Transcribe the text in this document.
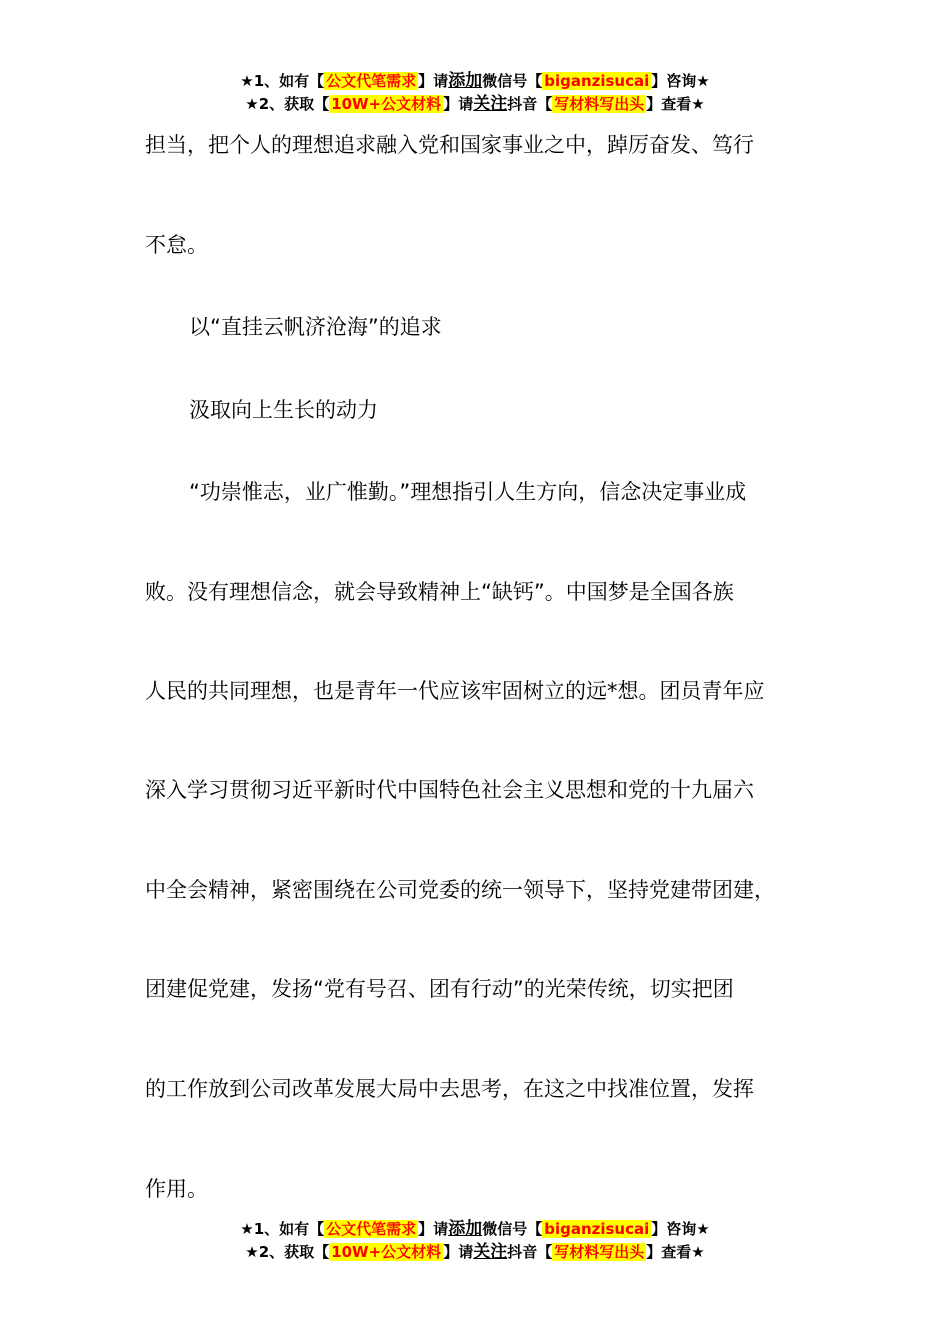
★1、如有【 公文代笔需求 】请添加微信号【 biganzisucai 】咨询★
★2、获取【 10W+公文材料 】请关注抖音【 写材料写出头 】查看★
担当，把个人的理想追求融入党和国家事业之中，踔厉奋发、笃行
不怠。
以“直挂云帆济沧海”的追求
汲取向上生长的动力
“功崇惟志，业广惟勤。”理想指引人生方向，信念决定事业成
败。没有理想信念，就会导致精神上“缺钙”。中国梦是全国各族
人民的共同理想，也是青年一代应该牢固树立的远*想。团员青年应
深入学习贯彻习近平新时代中国特色社会主义思想和党的十九届六
中全会精神，紧密围绕在公司党委的统一领导下，坚持党建带团建，
团建促党建，发扬“党有号召、团有行动”的光荣传统，切实把团
的工作放到公司改革发展大局中去思考，在这之中找准位置，发挥
作用。
★1、如有【 公文代笔需求 】请添加微信号【 biganzisucai 】咨询★
★2、获取【 10W+公文材料 】请关注抖音【 写材料写出头 】查看★
